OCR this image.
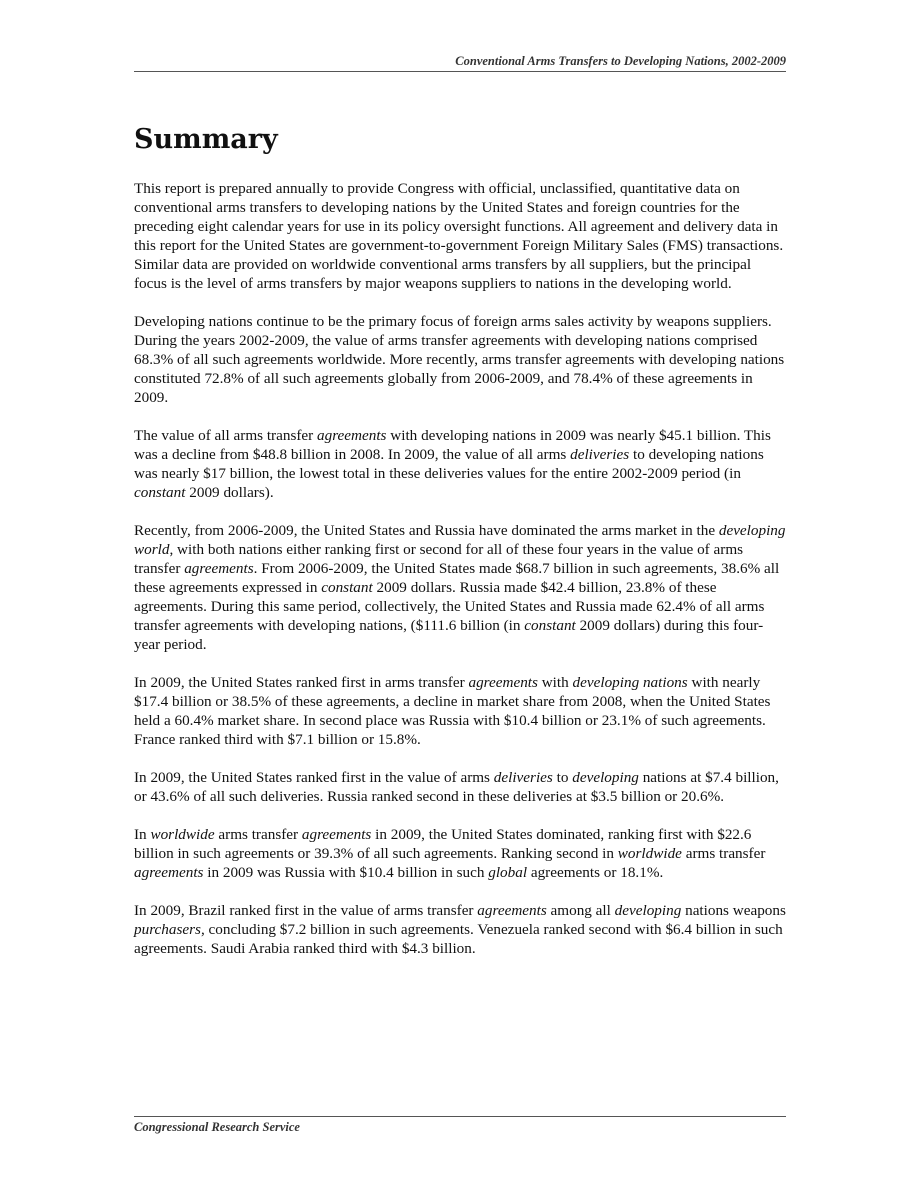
Conventional Arms Transfers to Developing Nations, 2002-2009
Summary

This report is prepared annually to provide Congress with official, unclassified, quantitative data on conventional arms transfers to developing nations by the United States and foreign countries for the preceding eight calendar years for use in its policy oversight functions. All agreement and delivery data in this report for the United States are government-to-government Foreign Military Sales (FMS) transactions. Similar data are provided on worldwide conventional arms transfers by all suppliers, but the principal focus is the level of arms transfers by major weapons suppliers to nations in the developing world.

Developing nations continue to be the primary focus of foreign arms sales activity by weapons suppliers. During the years 2002-2009, the value of arms transfer agreements with developing nations comprised 68.3% of all such agreements worldwide. More recently, arms transfer agreements with developing nations constituted 72.8% of all such agreements globally from 2006-2009, and 78.4% of these agreements in 2009.

The value of all arms transfer agreements with developing nations in 2009 was nearly $45.1 billion. This was a decline from $48.8 billion in 2008. In 2009, the value of all arms deliveries to developing nations was nearly $17 billion, the lowest total in these deliveries values for the entire 2002-2009 period (in constant 2009 dollars).

Recently, from 2006-2009, the United States and Russia have dominated the arms market in the developing world, with both nations either ranking first or second for all of these four years in the value of arms transfer agreements. From 2006-2009, the United States made $68.7 billion in such agreements, 38.6% all these agreements expressed in constant 2009 dollars. Russia made $42.4 billion, 23.8% of these agreements. During this same period, collectively, the United States and Russia made 62.4% of all arms transfer agreements with developing nations, ($111.6 billion (in constant 2009 dollars) during this four-year period.

In 2009, the United States ranked first in arms transfer agreements with developing nations with nearly $17.4 billion or 38.5% of these agreements, a decline in market share from 2008, when the United States held a 60.4% market share. In second place was Russia with $10.4 billion or 23.1% of such agreements. France ranked third with $7.1 billion or 15.8%.

In 2009, the United States ranked first in the value of arms deliveries to developing nations at $7.4 billion, or 43.6% of all such deliveries. Russia ranked second in these deliveries at $3.5 billion or 20.6%.

In worldwide arms transfer agreements in 2009, the United States dominated, ranking first with $22.6 billion in such agreements or 39.3% of all such agreements. Ranking second in worldwide arms transfer agreements in 2009 was Russia with $10.4 billion in such global agreements or 18.1%.

In 2009, Brazil ranked first in the value of arms transfer agreements among all developing nations weapons purchasers, concluding $7.2 billion in such agreements. Venezuela ranked second with $6.4 billion in such agreements. Saudi Arabia ranked third with $4.3 billion.

Congressional Research Service
